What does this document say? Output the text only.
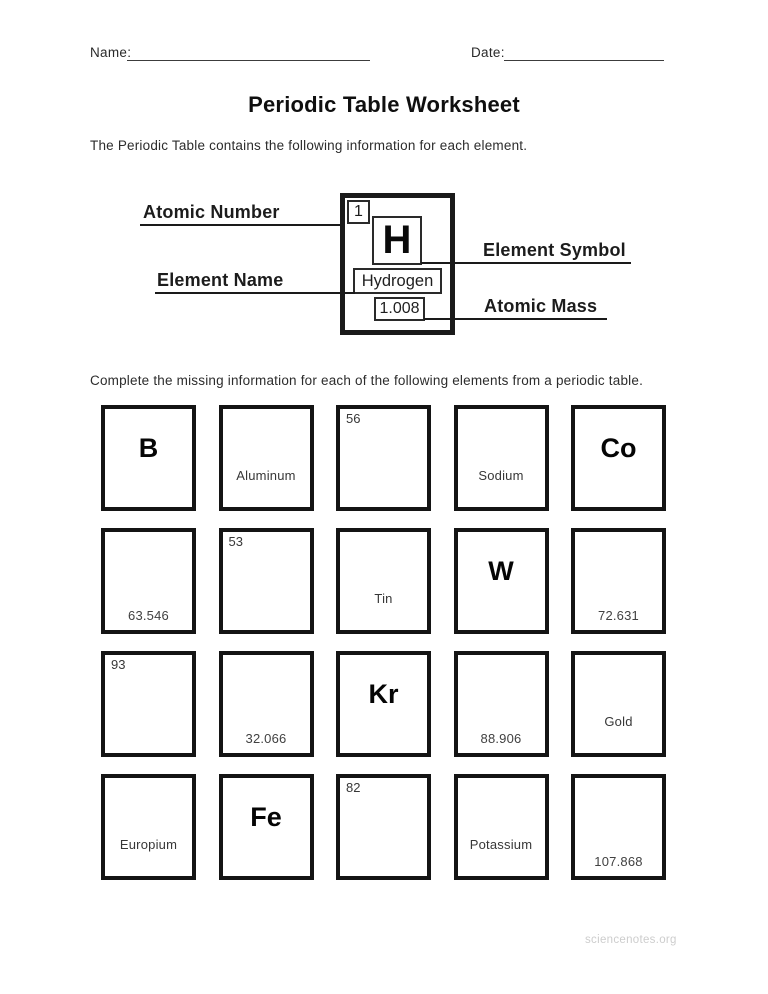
Name:	Date:
Periodic Table Worksheet
The Periodic Table contains the following information for each element.
1
H
Hydrogen
1.008
Atomic Number
Element Name
Element Symbol
Atomic Mass
Complete the missing information for each of the following elements from a periodic table.
B
Aluminum
56
Sodium
Co
63.546
53
Tin
W
72.631
93
32.066
Kr
88.906
Gold
Europium
Fe
82
Potassium
107.868
sciencenotes.org
